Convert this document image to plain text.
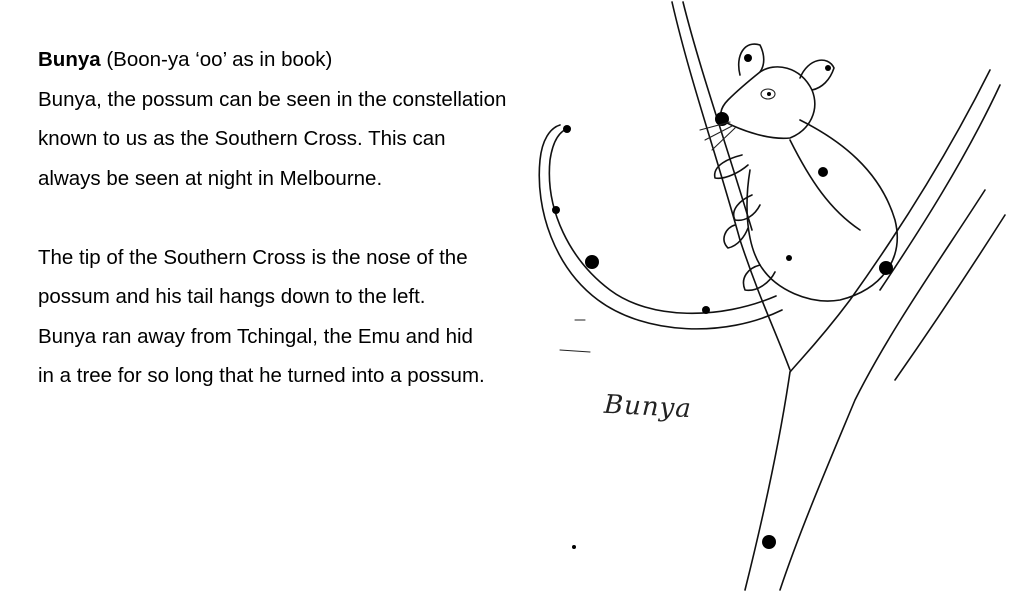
Bunya (Boon-ya ‘oo’ as in book)

Bunya, the possum can be seen in the constellation

known to us as the Southern Cross. This can

always be seen at night in Melbourne.

The tip of the Southern Cross is the nose of the

possum and his tail hangs down to the left.

Bunya ran away from Tchingal, the Emu and hid

in a tree for so long that he turned into a possum.

Bunya
